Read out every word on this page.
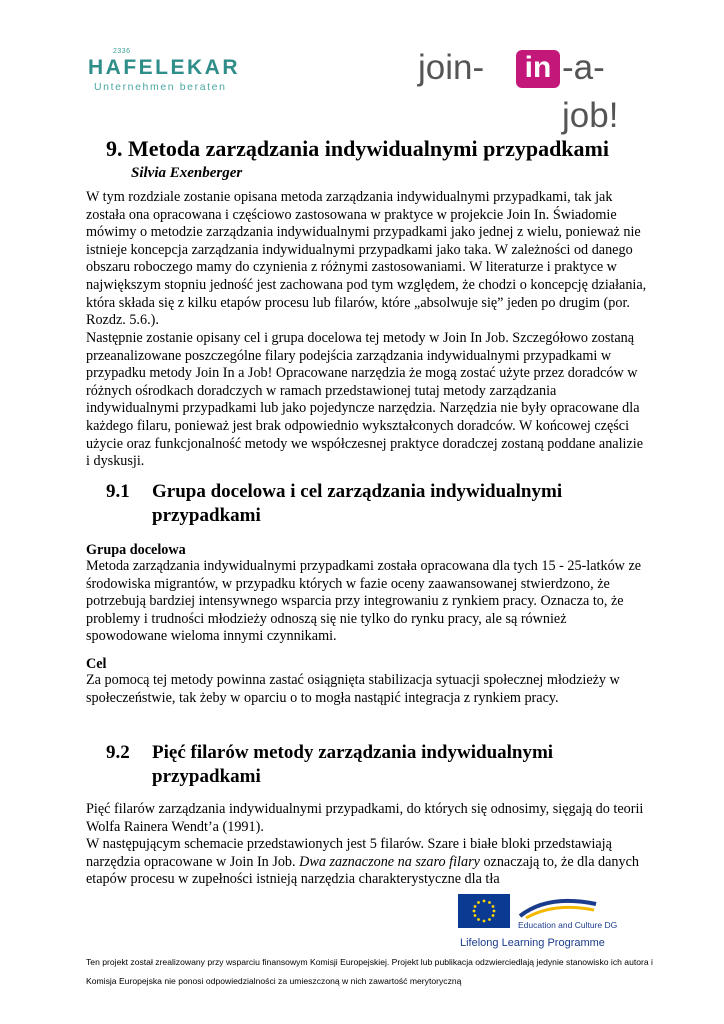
2336
HAFELEKAR
Unternehmen beraten	join- in -a-job!
9. Metoda zarządzania indywidualnymi przypadkami
Silvia Exenberger

W tym rozdziale zostanie opisana metoda zarządzania indywidualnymi przypadkami, tak jak została ona opracowana i częściowo zastosowana w praktyce w projekcie Join In. Świadomie mówimy o metodzie zarządzania indywidualnymi przypadkami jako jednej z wielu, ponieważ nie istnieje koncepcja zarządzania indywidualnymi przypadkami jako taka. W zależności od danego obszaru roboczego mamy do czynienia z różnymi zastosowaniami. W literaturze i praktyce w największym stopniu jedność jest zachowana pod tym względem, że chodzi o koncepcję działania, która składa się z kilku etapów procesu lub filarów, które „absolwuje się” jeden po drugim (por. Rozdz. 5.6.).

Następnie zostanie opisany cel i grupa docelowa tej metody w Join In Job. Szczegółowo zostaną przeanalizowane poszczególne filary podejścia zarządzania indywidualnymi przypadkami w przypadku metody Join In a Job! Opracowane narzędzia że mogą zostać użyte przez doradców w różnych ośrodkach doradczych w ramach przedstawionej tutaj metody zarządzania indywidualnymi przypadkami lub jako pojedyncze narzędzia. Narzędzia nie były opracowane dla każdego filaru, ponieważ jest brak odpowiednio wykształconych doradców. W końcowej części użycie oraz funkcjonalność metody we współczesnej praktyce doradczej zostaną poddane analizie i dyskusji.

9.1 Grupa docelowa i cel zarządzania indywidualnymi przypadkami
Grupa docelowa

Metoda zarządzania indywidualnymi przypadkami została opracowana dla tych 15 - 25-latków ze środowiska migrantów, w przypadku których w fazie oceny zaawansowanej stwierdzono, że potrzebują bardziej intensywnego wsparcia przy integrowaniu z rynkiem pracy. Oznacza to, że problemy i trudności młodzieży odnoszą się nie tylko do rynku pracy, ale są również spowodowane wieloma innymi czynnikami.

Cel

Za pomocą tej metody powinna zastać osiągnięta stabilizacja sytuacji społecznej młodzieży w społeczeństwie, tak żeby w oparciu o to mogła nastąpić integracja z rynkiem pracy.

9.2 Pięć filarów metody zarządzania indywidualnymi przypadkami

Pięć filarów zarządzania indywidualnymi przypadkami, do których się odnosimy, sięgają do teorii Wolfa Rainera Wendt’a (1991).

W następującym schemacie przedstawionych jest 5 filarów. Szare i białe bloki przedstawiają narzędzia opracowane w Join In Job. Dwa zaznaczone na szaro filary oznaczają to, że dla danych etapów procesu w zupełności istnieją narzędzia charakterystyczne dla tła

Education and Culture DG
Lifelong Learning Programme
Ten projekt został zrealizowany przy wsparciu finansowym Komisji Europejskiej. Projekt lub publikacja odzwierciedlają jedynie stanowisko ich autora i
Komisja Europejska nie ponosi odpowiedzialności za umieszczoną w nich zawartość merytoryczną
